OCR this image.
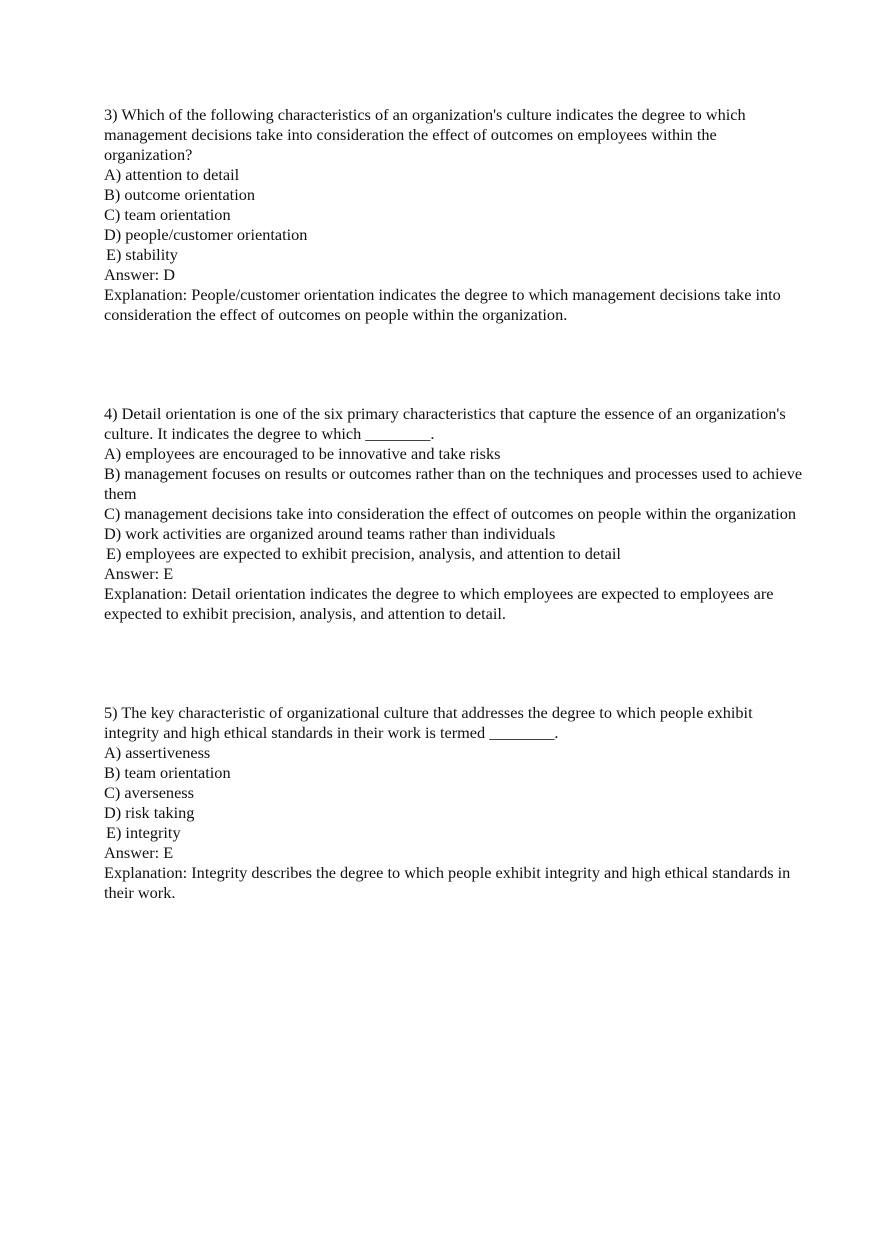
3) Which of the following characteristics of an organization's culture indicates the degree to which management decisions take into consideration the effect of outcomes on employees within the organization?
A) attention to detail
B) outcome orientation
C) team orientation
D) people/customer orientation
E) stability
Answer: D
Explanation: People/customer orientation indicates the degree to which management decisions take into consideration the effect of outcomes on people within the organization.
4) Detail orientation is one of the six primary characteristics that capture the essence of an organization's culture. It indicates the degree to which ________.
A) employees are encouraged to be innovative and take risks
B) management focuses on results or outcomes rather than on the techniques and processes used to achieve them
C) management decisions take into consideration the effect of outcomes on people within the organization
D) work activities are organized around teams rather than individuals
E) employees are expected to exhibit precision, analysis, and attention to detail
Answer: E
Explanation: Detail orientation indicates the degree to which employees are expected to employees are expected to exhibit precision, analysis, and attention to detail.
5) The key characteristic of organizational culture that addresses the degree to which people exhibit integrity and high ethical standards in their work is termed ________.
A) assertiveness
B) team orientation
C) averseness
D) risk taking
E) integrity
Answer: E
Explanation: Integrity describes the degree to which people exhibit integrity and high ethical standards in their work.
